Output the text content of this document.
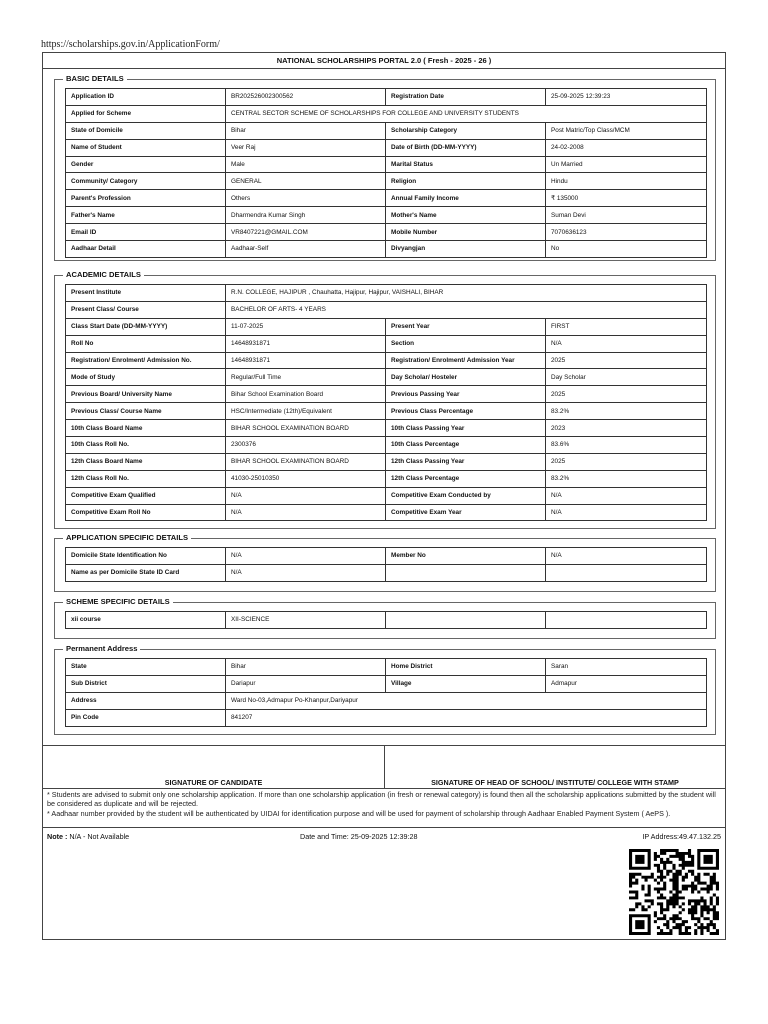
https://scholarships.gov.in/ApplicationForm/
NATIONAL SCHOLARSHIPS PORTAL 2.0 ( Fresh - 2025 - 26 )
BASIC DETAILS
Application ID	BR202526002300562	Registration Date	25-09-2025 12:39:23
Applied for Scheme	CENTRAL SECTOR SCHEME OF SCHOLARSHIPS FOR COLLEGE AND UNIVERSITY STUDENTS		
State of Domicile	Bihar	Scholarship Category	Post Matric/Top Class/MCM
Name of Student	Veer Raj	Date of Birth (DD-MM-YYYY)	24-02-2008
Gender	Male	Marital Status	Un Married
Community/ Category	GENERAL	Religion	Hindu
Parent's Profession	Others	Annual Family Income	₹ 135000
Father's Name	Dharmendra Kumar Singh	Mother's Name	Suman Devi
Email ID	VR8407221@GMAIL.COM	Mobile Number	7070636123
Aadhaar Detail	Aadhaar-Self	Divyangjan	No
ACADEMIC DETAILS
Present Institute	R.N. COLLEGE, HAJIPUR , Chauhatta, Hajipur, Hajipur, VAISHALI, BIHAR		
Present Class/ Course	BACHELOR OF ARTS- 4 YEARS		
Class Start Date (DD-MM-YYYY)	11-07-2025	Present Year	FIRST
Roll No	14648931871	Section	N/A
Registration/ Enrolment/ Admission No.	14648931871	Registration/ Enrolment/ Admission Year	2025
Mode of Study	Regular/Full Time	Day Scholar/ Hosteler	Day Scholar
Previous Board/ University Name	Bihar School Examination Board	Previous Passing Year	2025
Previous Class/ Course Name	HSC/Intermediate (12th)/Equivalent	Previous Class Percentage	83.2%
10th Class Board Name	BIHAR SCHOOL EXAMINATION BOARD	10th Class Passing Year	2023
10th Class Roll No.	2300376	10th Class Percentage	83.6%
12th Class Board Name	BIHAR SCHOOL EXAMINATION BOARD	12th Class Passing Year	2025
12th Class Roll No.	41030-25010350	12th Class Percentage	83.2%
Competitive Exam Qualified	N/A	Competitive Exam Conducted by	N/A
Competitive Exam Roll No	N/A	Competitive Exam Year	N/A
APPLICATION SPECIFIC DETAILS
Domicile State Identification No	N/A	Member No	N/A
Name as per Domicile State ID Card	N/A		
SCHEME SPECIFIC DETAILS
xii course	XII-SCIENCE		
Permanent Address
State	Bihar	Home District	Saran
Sub District	Dariapur	Village	Admapur
Address	Ward No-03,Admapur Po-Khanpur,Dariyapur		
Pin Code	841207		
SIGNATURE OF CANDIDATE	SIGNATURE OF HEAD OF SCHOOL/ INSTITUTE/ COLLEGE WITH STAMP
* Students are advised to submit only one scholarship application. If more than one scholarship application (in fresh or renewal category) is found then all the scholarship applications submitted by the student will be considered as duplicate and will be rejected.
* Aadhaar number provided by the student will be authenticated by UIDAI for identification purpose and will be used for payment of scholarship through Aadhaar Enabled Payment System ( AePS ).
Note : N/A - Not Available	Date and Time: 25-09-2025 12:39:28	IP Address:49.47.132.25
